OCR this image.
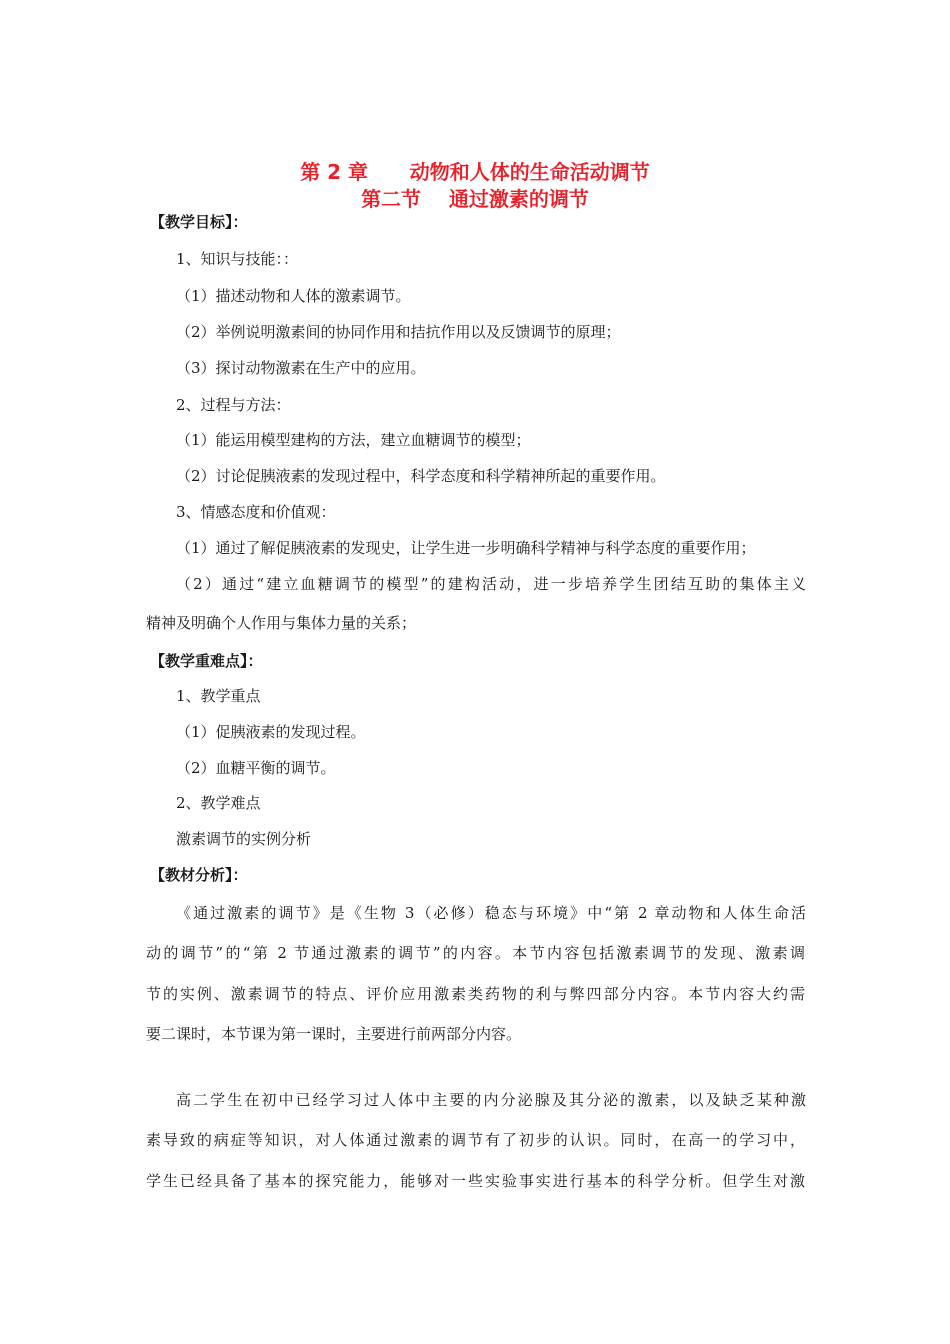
第 2 章      动物和人体的生命活动调节
第二节    通过激素的调节
【教学目标】：
1、知识与技能：：
（1）描述动物和人体的激素调节。
（2）举例说明激素间的协同作用和拮抗作用以及反馈调节的原理；
（3）探讨动物激素在生产中的应用。
2、过程与方法：
（1）能运用模型建构的方法，建立血糖调节的模型；
（2）讨论促胰液素的发现过程中，科学态度和科学精神所起的重要作用。
3、情感态度和价值观：
（1）通过了解促胰液素的发现史，让学生进一步明确科学精神与科学态度的重要作用；
（2）通过“建立血糖调节的模型”的建构活动，进一步培养学生团结互助的集体主义
精神及明确个人作用与集体力量的关系；
【教学重难点】：
1、教学重点
（1）促胰液素的发现过程。
（2）血糖平衡的调节。
2、教学难点
激素调节的实例分析
【教材分析】：
《通过激素的调节》是《生物 3（必修）稳态与环境》中“第 2 章动物和人体生命活
动的调节”的“第 2 节通过激素的调节”的内容。本节内容包括激素调节的发现、激素调
节的实例、激素调节的特点、评价应用激素类药物的利与弊四部分内容。本节内容大约需
要二课时，本节课为第一课时，主要进行前两部分内容。
高二学生在初中已经学习过人体中主要的内分泌腺及其分泌的激素，以及缺乏某种激
素导致的病症等知识，对人体通过激素的调节有了初步的认识。同时，在高一的学习中，
学生已经具备了基本的探究能力，能够对一些实验事实进行基本的科学分析。但学生对激
